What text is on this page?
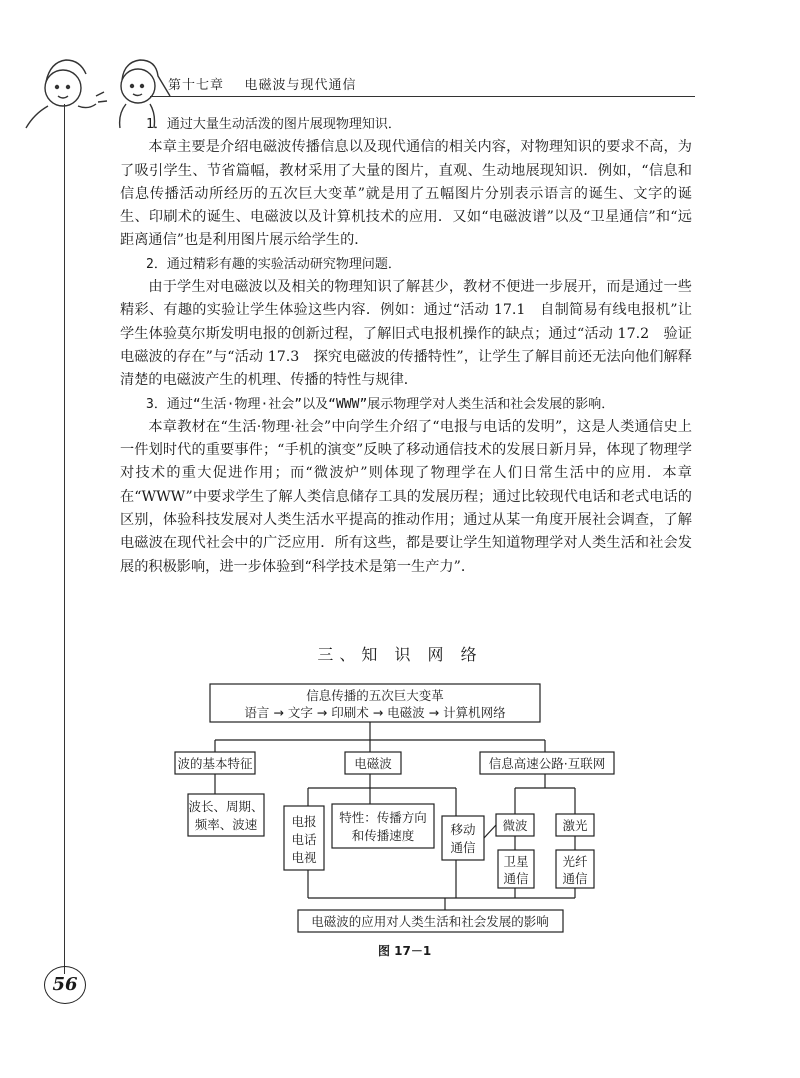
第十七章 电磁波与现代通信

1．通过大量生动活泼的图片展现物理知识．

本章主要是介绍电磁波传播信息以及现代通信的相关内容，对物理知识的要求不高，为了吸引学生、节省篇幅，教材采用了大量的图片，直观、生动地展现知识．例如，“信息和信息传播活动所经历的五次巨大变革”就是用了五幅图片分别表示语言的诞生、文字的诞生、印刷术的诞生、电磁波以及计算机技术的应用．又如“电磁波谱”以及“卫星通信”和“远距离通信”也是利用图片展示给学生的．

2．通过精彩有趣的实验活动研究物理问题．

由于学生对电磁波以及相关的物理知识了解甚少，教材不便进一步展开，而是通过一些精彩、有趣的实验让学生体验这些内容．例如：通过“活动 17.1　自制简易有线电报机”让学生体验莫尔斯发明电报的创新过程，了解旧式电报机操作的缺点；通过“活动 17.2　验证电磁波的存在”与“活动 17.3　探究电磁波的传播特性”，让学生了解目前还无法向他们解释清楚的电磁波产生的机理、传播的特性与规律．

3．通过“生活·物理·社会”以及“WWW”展示物理学对人类生活和社会发展的影响．

本章教材在“生活·物理·社会”中向学生介绍了“电报与电话的发明”，这是人类通信史上一件划时代的重要事件；“手机的演变”反映了移动通信技术的发展日新月异，体现了物理学对技术的重大促进作用；而“微波炉”则体现了物理学在人们日常生活中的应用．本章在“WWW”中要求学生了解人类信息储存工具的发展历程；通过比较现代电话和老式电话的区别，体验科技发展对人类生活水平提高的推动作用；通过从某一角度开展社会调查，了解电磁波在现代社会中的广泛应用．所有这些，都是要让学生知道物理学对人类生活和社会发展的积极影响，进一步体验到“科学技术是第一生产力”．

三、知 识 网 络
信息传播的五次巨大变革
语言 → 文字 → 印刷术 → 电磁波 → 计算机网络
波的基本特征	电磁波	信息高速公路·互联网
波长、周期、
频率、波速	电报
电话
电视
特性：传播方向
和传播速度	移动
通信
微波	激光
卫星
通信
光纤
通信
电磁波的应用对人类生活和社会发展的影响
图 17－1
56
